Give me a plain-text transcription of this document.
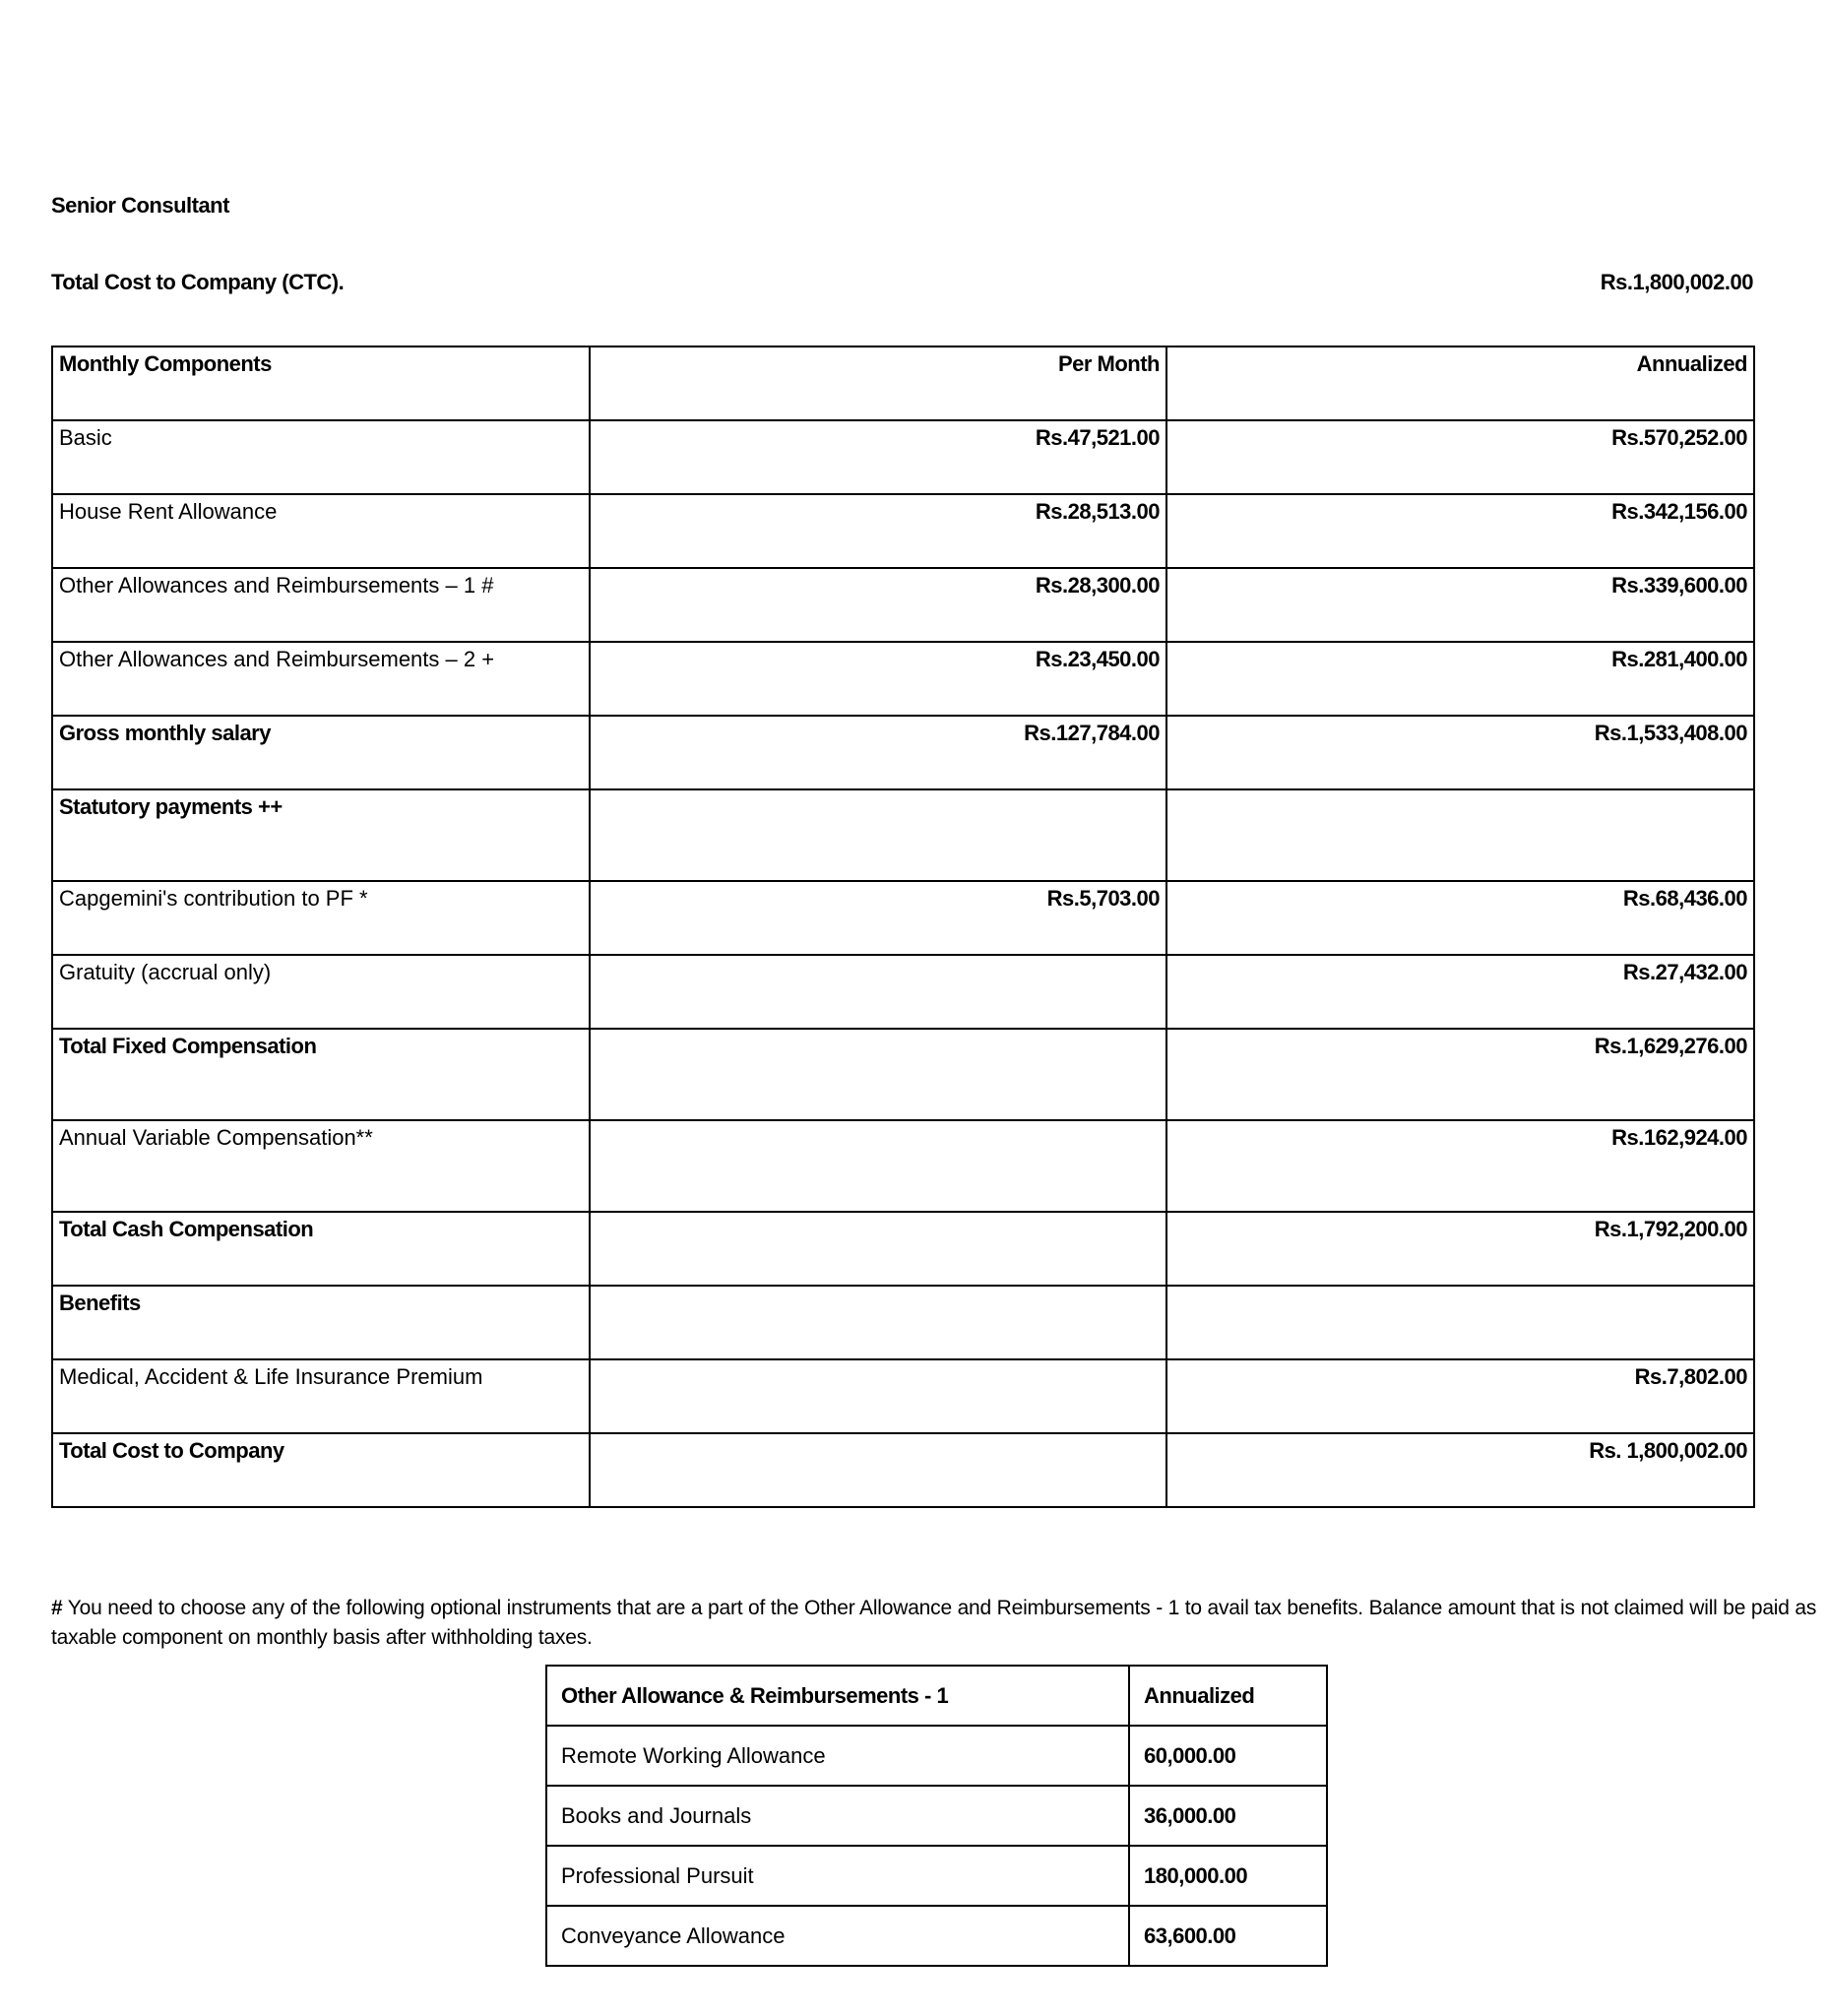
Senior Consultant
Total Cost to Company (CTC).	Rs.1,800,002.00
Monthly Components	Per Month	Annualized
Basic	Rs.47,521.00	Rs.570,252.00
House Rent Allowance	Rs.28,513.00	Rs.342,156.00
Other Allowances and Reimbursements – 1 #	Rs.28,300.00	Rs.339,600.00
Other Allowances and Reimbursements – 2 +	Rs.23,450.00	Rs.281,400.00
Gross monthly salary	Rs.127,784.00	Rs.1,533,408.00
Statutory payments ++		
Capgemini's contribution to PF *	Rs.5,703.00	Rs.68,436.00
Gratuity (accrual only)		Rs.27,432.00
Total Fixed Compensation		Rs.1,629,276.00
Annual Variable Compensation**		Rs.162,924.00
Total Cash Compensation		Rs.1,792,200.00
Benefits		
Medical, Accident & Life Insurance Premium		Rs.7,802.00
Total Cost to Company		Rs. 1,800,002.00
# You need to choose any of the following optional instruments that are a part of the Other Allowance and Reimbursements - 1 to avail tax benefits. Balance amount that is not claimed will be paid as taxable component on monthly basis after withholding taxes.
Other Allowance & Reimbursements - 1	Annualized
Remote Working Allowance	60,000.00
Books and Journals	36,000.00
Professional Pursuit	180,000.00
Conveyance Allowance	63,600.00
